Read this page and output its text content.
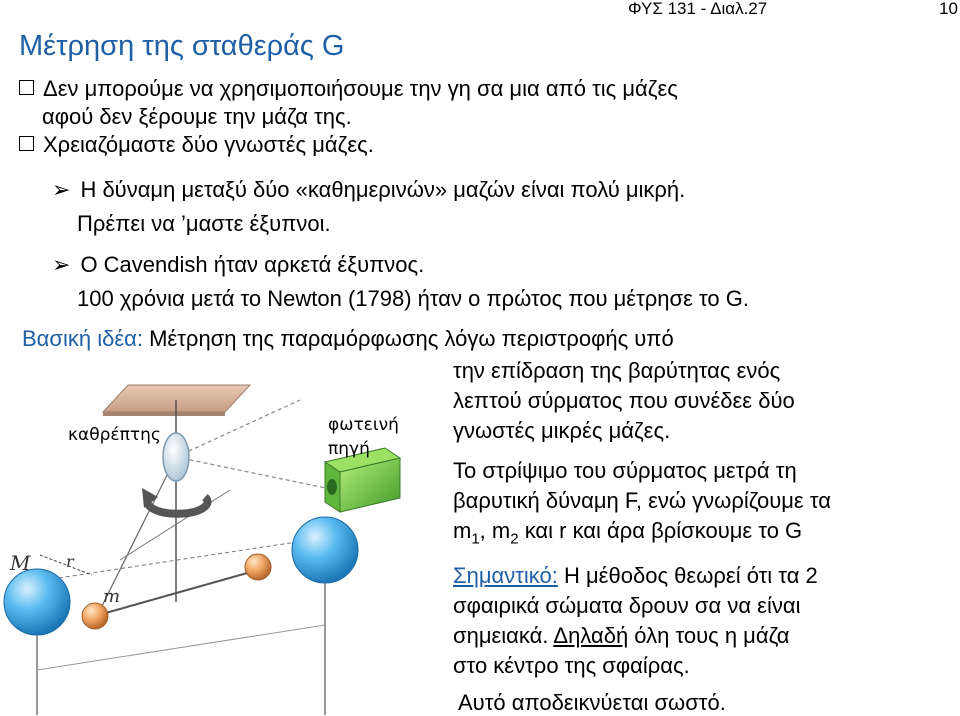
ΦΥΣ 131 - Διαλ.27	10
Μέτρηση της σταθεράς G
Δεν μπορούμε να χρησιμοποιήσουμε την γη σα μια από τις μάζες
αφού δεν ξέρουμε την μάζα της.
Χρειαζόμαστε δύο γνωστές μάζες.
➢ Η δύναμη μεταξύ δύο «καθημερινών» μαζών είναι πολύ μικρή.
Πρέπει να ’μαστε έξυπνοι.
➢ Ο Cavendish ήταν αρκετά έξυπνος.
100 χρόνια μετά το Newton (1798) ήταν ο πρώτος που μέτρησε το G.
Βασική ιδέα: Μέτρηση της παραμόρφωσης λόγω περιστροφής υπό
την επίδραση της βαρύτητας ενός
λεπτού σύρματος που συνέδεε δύο
γνωστές μικρές μάζες.
Το στρίψιμο του σύρματος μετρά τη
βαρυτική δύναμη F, ενώ γνωρίζουμε τα
$m_1$, $m_2$ και r και άρα βρίσκουμε το G
Σημαντικό: Η μέθοδος θεωρεί ότι τα 2
σφαιρικά σώματα δρουν σα να είναι
σημειακά. Δηλαδή όλη τους η μάζα
στο κέντρο της σφαίρας.
Αυτό αποδεικνύεται σωστό.
καθρέπτης	φωτεινή
πηγή
M r
m
